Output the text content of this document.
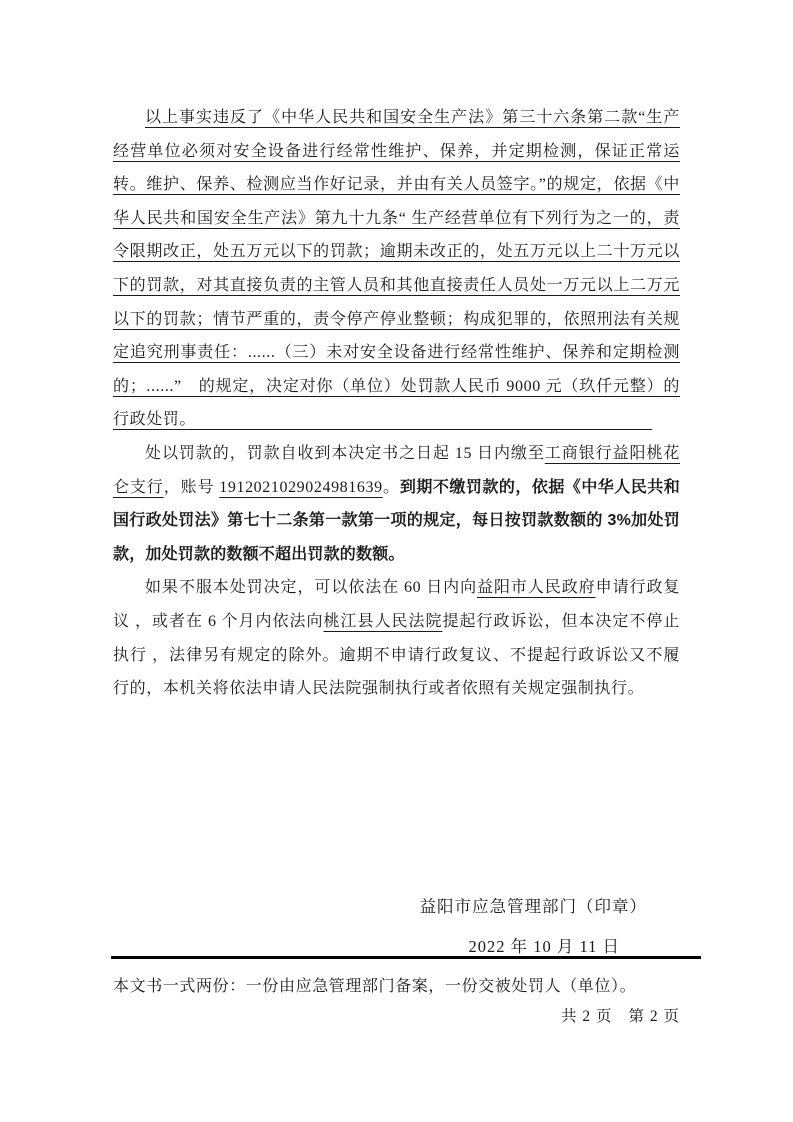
以上事实违反了《中华人民共和国安全生产法》第三十六条第二款“生产经营单位必须对安全设备进行经常性维护、保养，并定期检测，保证正常运转。维护、保养、检测应当作好记录，并由有关人员签字。”的规定，依据《中华人民共和国安全生产法》第九十九条“ 生产经营单位有下列行为之一的，责令限期改正，处五万元以下的罚款；逾期未改正的，处五万元以上二十万元以下的罚款，对其直接负责的主管人员和其他直接责任人员处一万元以上二万元以下的罚款；情节严重的，责令停产停业整顿；构成犯罪的，依照刑法有关规定追究刑事责任：......（三）未对安全设备进行经常性维护、保养和定期检测的；......”　的规定，决定对你（单位）处罚款人民币 9000 元（玖仟元整）的行政处罚。

处以罚款的，罚款自收到本决定书之日起 15 日内缴至工商银行益阳桃花仑支行，账号 1912021029024981639。到期不缴罚款的，依据《中华人民共和国行政处罚法》第七十二条第一款第一项的规定，每日按罚款数额的 3%加处罚款，加处罚款的数额不超出罚款的数额。

如果不服本处罚决定，可以依法在 60 日内向益阳市人民政府申请行政复议 ，或者在 6 个月内依法向桃江县人民法院提起行政诉讼，但本决定不停止执行 ，法律另有规定的除外。逾期不申请行政复议、不提起行政诉讼又不履行的，本机关将依法申请人民法院强制执行或者依照有关规定强制执行。

益阳市应急管理部门（印章）
2022 年 10 月 11 日
本文书一式两份：一份由应急管理部门备案，一份交被处罚人（单位）。
共 2 页 第 2 页
